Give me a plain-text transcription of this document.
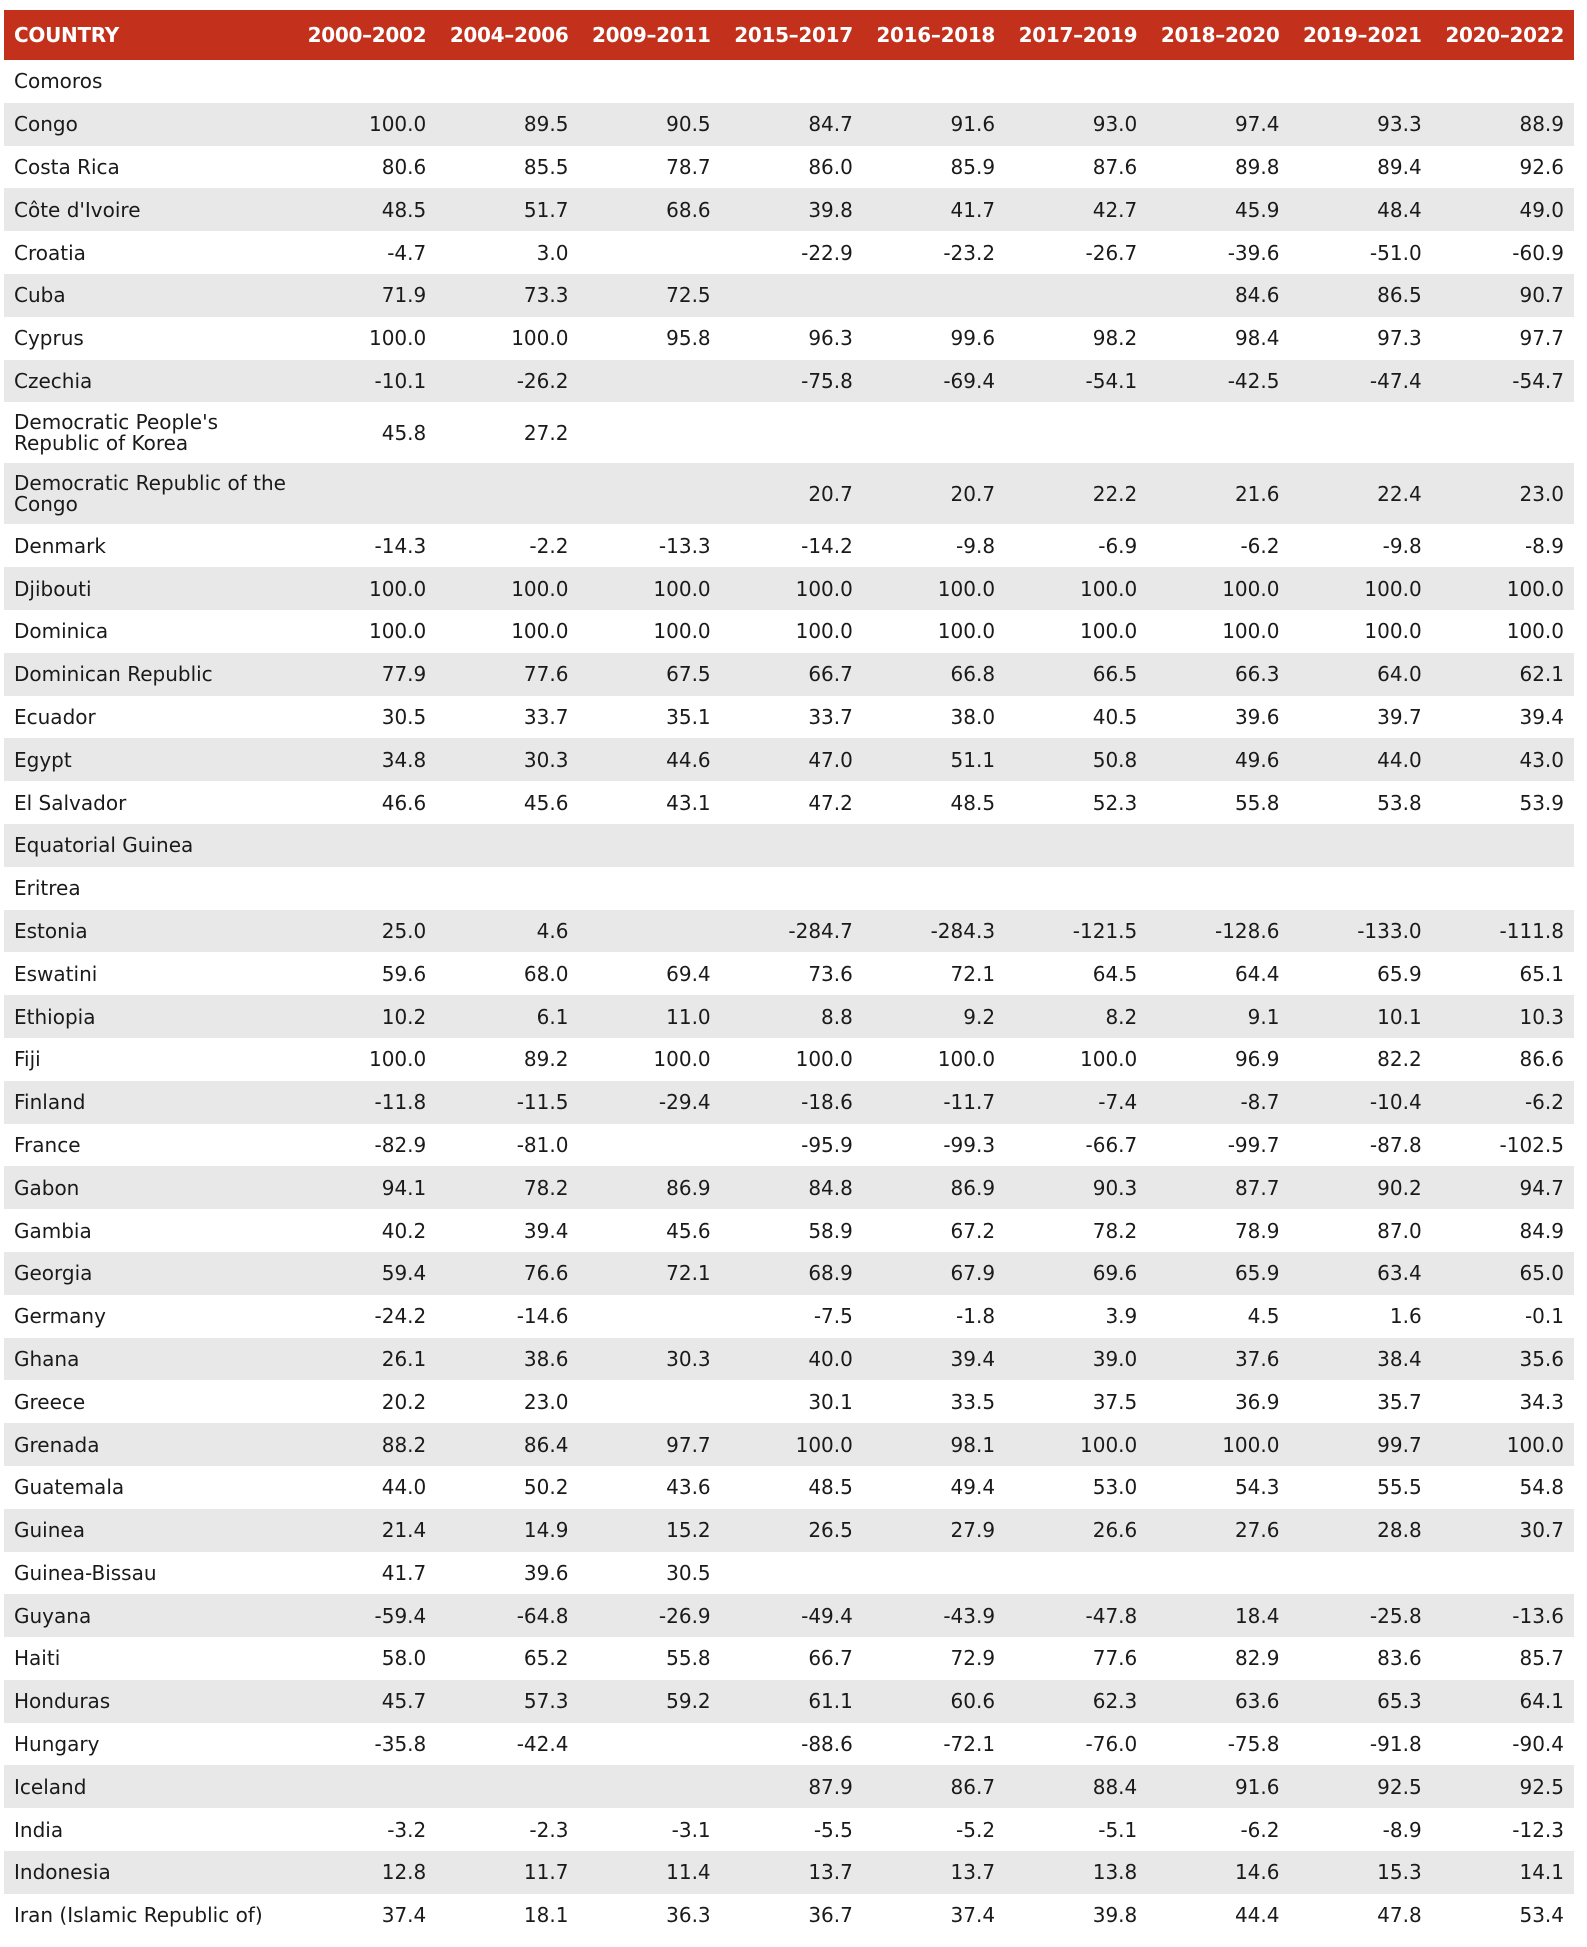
COUNTRY	2000–2002	2004–2006	2009–2011	2015–2017	2016–2018	2017–2019	2018–2020	2019–2021	2020–2022
Comoros									
Congo	100.0	89.5	90.5	84.7	91.6	93.0	97.4	93.3	88.9
Costa Rica	80.6	85.5	78.7	86.0	85.9	87.6	89.8	89.4	92.6
Côte d'Ivoire	48.5	51.7	68.6	39.8	41.7	42.7	45.9	48.4	49.0
Croatia	-4.7	3.0		-22.9	-23.2	-26.7	-39.6	-51.0	-60.9
Cuba	71.9	73.3	72.5				84.6	86.5	90.7
Cyprus	100.0	100.0	95.8	96.3	99.6	98.2	98.4	97.3	97.7
Czechia	-10.1	-26.2		-75.8	-69.4	-54.1	-42.5	-47.4	-54.7
Democratic People's Republic of Korea	45.8	27.2							
Democratic Republic of the Congo				20.7	20.7	22.2	21.6	22.4	23.0
Denmark	-14.3	-2.2	-13.3	-14.2	-9.8	-6.9	-6.2	-9.8	-8.9
Djibouti	100.0	100.0	100.0	100.0	100.0	100.0	100.0	100.0	100.0
Dominica	100.0	100.0	100.0	100.0	100.0	100.0	100.0	100.0	100.0
Dominican Republic	77.9	77.6	67.5	66.7	66.8	66.5	66.3	64.0	62.1
Ecuador	30.5	33.7	35.1	33.7	38.0	40.5	39.6	39.7	39.4
Egypt	34.8	30.3	44.6	47.0	51.1	50.8	49.6	44.0	43.0
El Salvador	46.6	45.6	43.1	47.2	48.5	52.3	55.8	53.8	53.9
Equatorial Guinea									
Eritrea									
Estonia	25.0	4.6		-284.7	-284.3	-121.5	-128.6	-133.0	-111.8
Eswatini	59.6	68.0	69.4	73.6	72.1	64.5	64.4	65.9	65.1
Ethiopia	10.2	6.1	11.0	8.8	9.2	8.2	9.1	10.1	10.3
Fiji	100.0	89.2	100.0	100.0	100.0	100.0	96.9	82.2	86.6
Finland	-11.8	-11.5	-29.4	-18.6	-11.7	-7.4	-8.7	-10.4	-6.2
France	-82.9	-81.0		-95.9	-99.3	-66.7	-99.7	-87.8	-102.5
Gabon	94.1	78.2	86.9	84.8	86.9	90.3	87.7	90.2	94.7
Gambia	40.2	39.4	45.6	58.9	67.2	78.2	78.9	87.0	84.9
Georgia	59.4	76.6	72.1	68.9	67.9	69.6	65.9	63.4	65.0
Germany	-24.2	-14.6		-7.5	-1.8	3.9	4.5	1.6	-0.1
Ghana	26.1	38.6	30.3	40.0	39.4	39.0	37.6	38.4	35.6
Greece	20.2	23.0		30.1	33.5	37.5	36.9	35.7	34.3
Grenada	88.2	86.4	97.7	100.0	98.1	100.0	100.0	99.7	100.0
Guatemala	44.0	50.2	43.6	48.5	49.4	53.0	54.3	55.5	54.8
Guinea	21.4	14.9	15.2	26.5	27.9	26.6	27.6	28.8	30.7
Guinea-Bissau	41.7	39.6	30.5						
Guyana	-59.4	-64.8	-26.9	-49.4	-43.9	-47.8	18.4	-25.8	-13.6
Haiti	58.0	65.2	55.8	66.7	72.9	77.6	82.9	83.6	85.7
Honduras	45.7	57.3	59.2	61.1	60.6	62.3	63.6	65.3	64.1
Hungary	-35.8	-42.4		-88.6	-72.1	-76.0	-75.8	-91.8	-90.4
Iceland				87.9	86.7	88.4	91.6	92.5	92.5
India	-3.2	-2.3	-3.1	-5.5	-5.2	-5.1	-6.2	-8.9	-12.3
Indonesia	12.8	11.7	11.4	13.7	13.7	13.8	14.6	15.3	14.1
Iran (Islamic Republic of)	37.4	18.1	36.3	36.7	37.4	39.8	44.4	47.8	53.4
